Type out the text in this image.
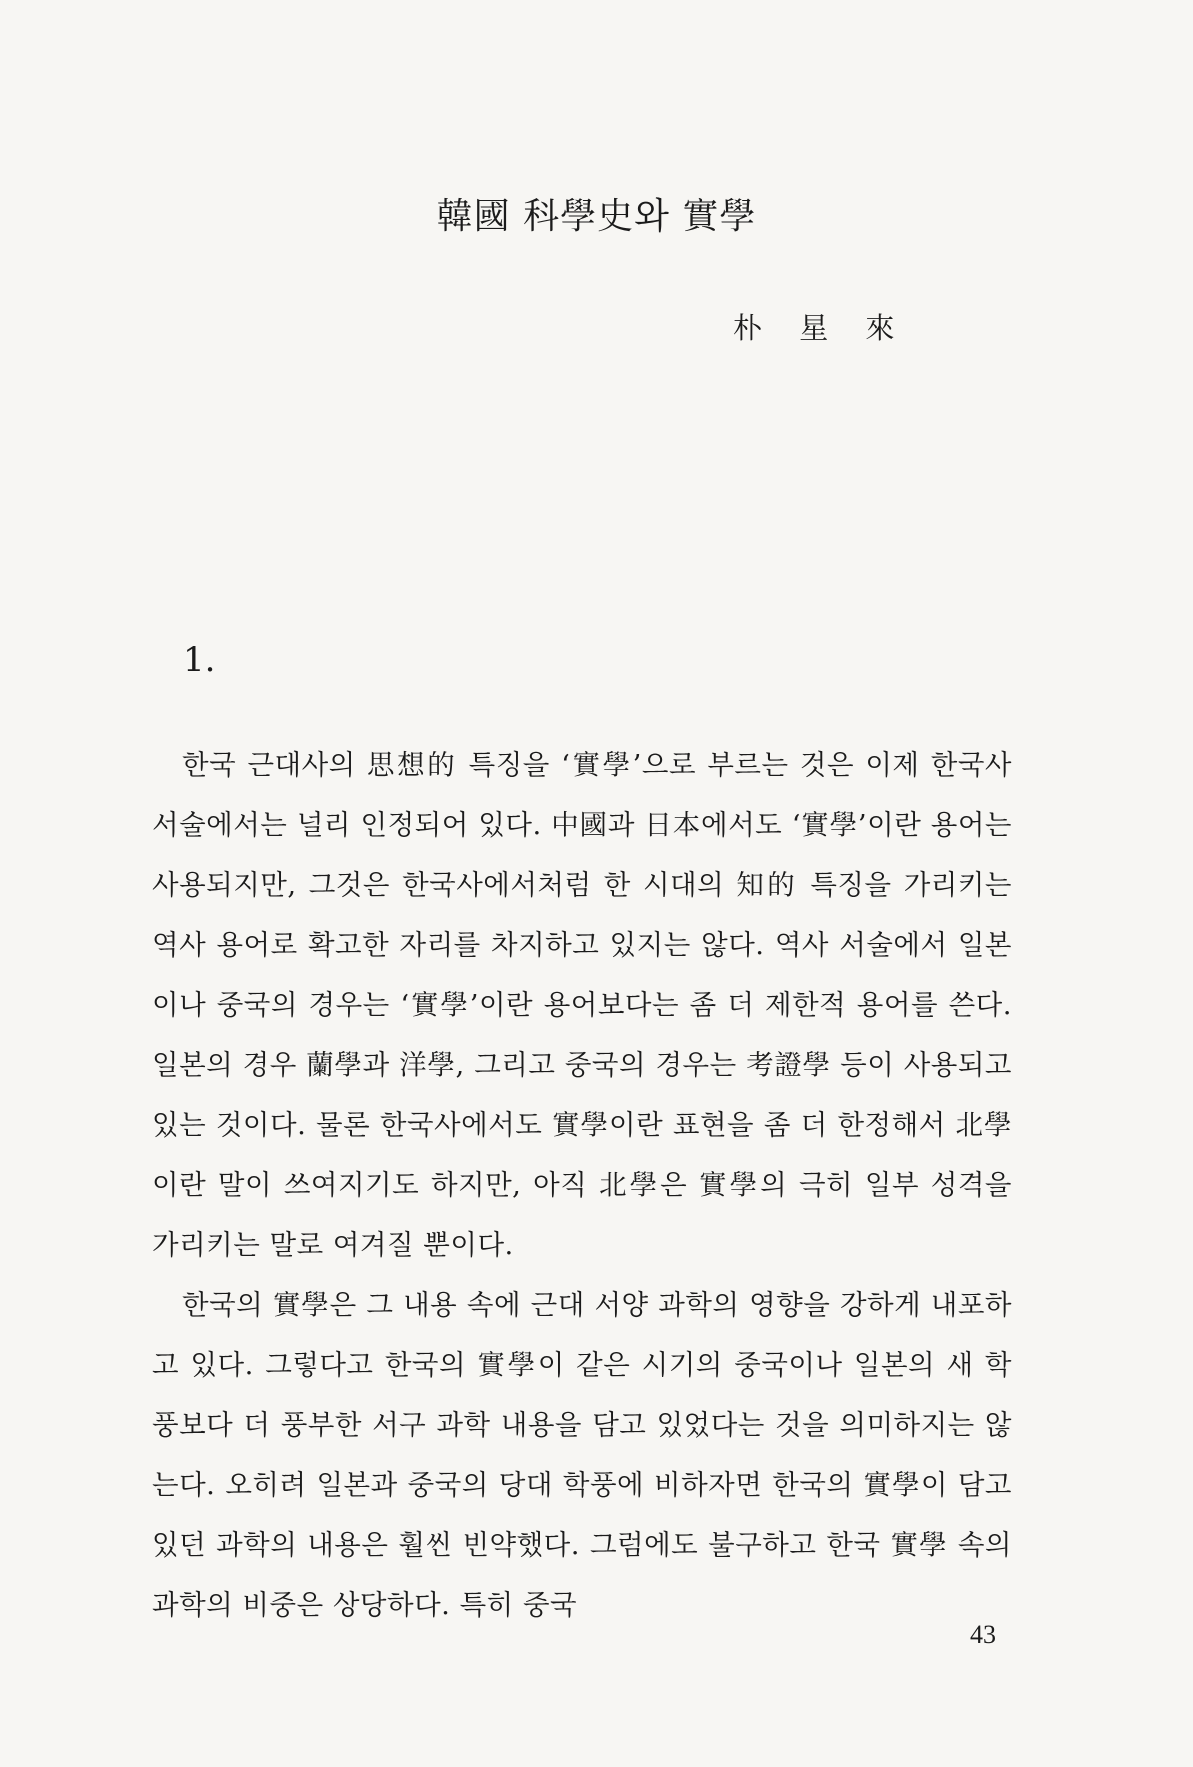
韓國 科學史와 實學

朴 星 來

1.

한국 근대사의 思想的 특징을 ‘實學’으로 부르는 것은 이제 한국사 서술에서는 널리 인정되어 있다. 中國과 日本에서도 ‘實學’이란 용어는 사용되지만, 그것은 한국사에서처럼 한 시대의 知的 특징을 가리키는 역사 용어로 확고한 자리를 차지하고 있지는 않다. 역사 서술에서 일본이나 중국의 경우는 ‘實學’이란 용어보다는 좀 더 제한적 용어를 쓴다. 일본의 경우 蘭學과 洋學, 그리고 중국의 경우는 考證學 등이 사용되고 있는 것이다. 물론 한국사에서도 實學이란 표현을 좀 더 한정해서 北學이란 말이 쓰여지기도 하지만, 아직 北學은 實學의 극히 일부 성격을 가리키는 말로 여겨질 뿐이다.

한국의 實學은 그 내용 속에 근대 서양 과학의 영향을 강하게 내포하고 있다. 그렇다고 한국의 實學이 같은 시기의 중국이나 일본의 새 학풍보다 더 풍부한 서구 과학 내용을 담고 있었다는 것을 의미하지는 않는다. 오히려 일본과 중국의 당대 학풍에 비하자면 한국의 實學이 담고 있던 과학의 내용은 훨씬 빈약했다. 그럼에도 불구하고 한국 實學 속의 과학의 비중은 상당하다. 특히 중국

43
